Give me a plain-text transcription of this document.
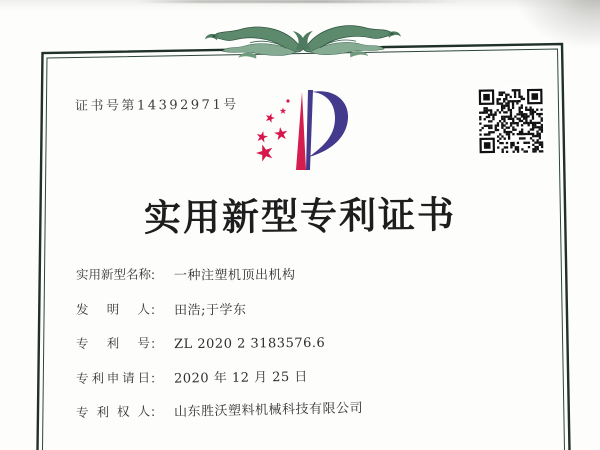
证书号第14392971号
实用新型专利证书
实用新型名称： 一种注塑机顶出机构
发明人： 田浩;于学东
专利号： ZL 2020 2 3183576.6
专利申请日： 2020 年 12 月 25 日
专利权人： 山东胜沃塑料机械科技有限公司
